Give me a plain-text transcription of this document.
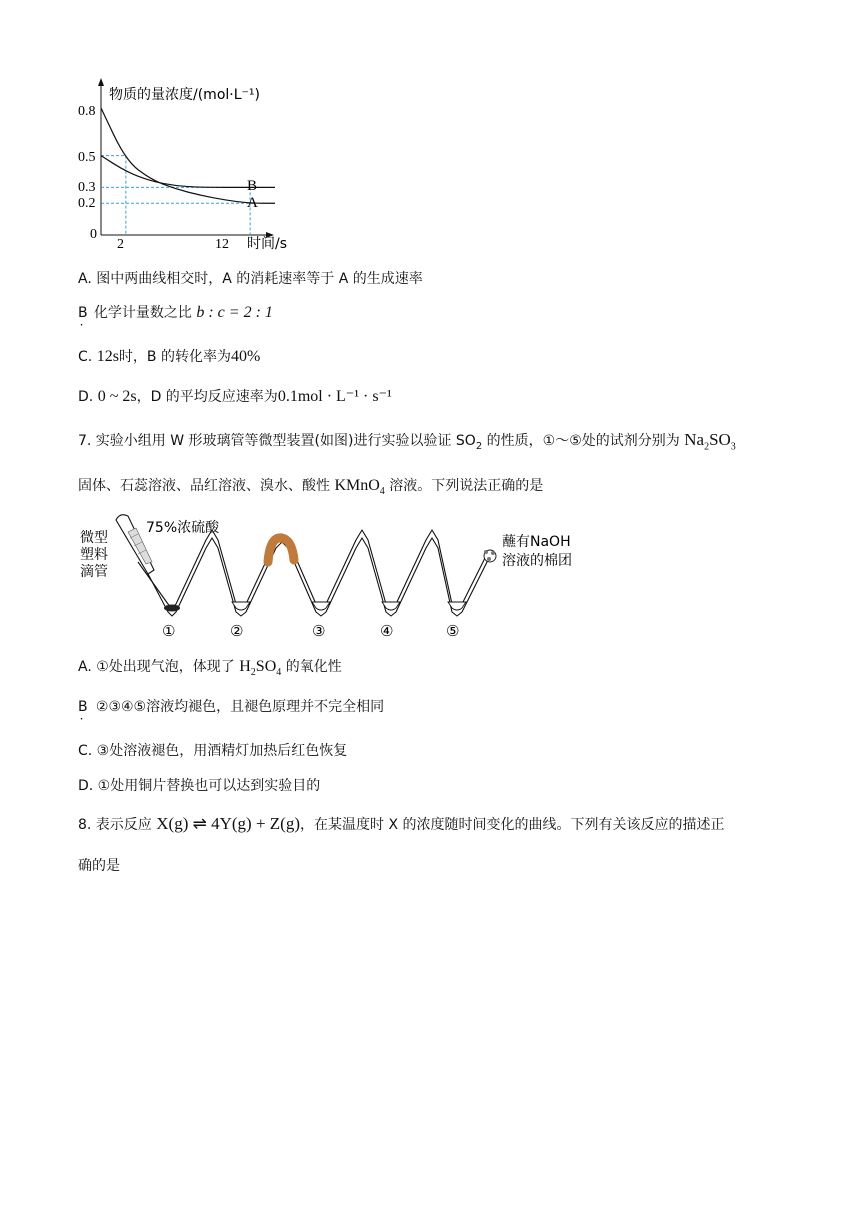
物质的量浓度/(mol·L⁻¹)
时间/s
0.8
0.5
0.3
0.2
0
2	12
B
A
A. 图中两曲线相交时，A 的消耗速率等于 A 的生成速率
B· 化学计量数之比 b : c = 2 : 1
C. 12s时，B 的转化率为40%
D. 0 ~ 2s，D 的平均反应速率为0.1mol · L⁻¹ · s⁻¹
7. 实验小组用 W 形玻璃管等微型装置(如图)进行实验以验证 $SO_2$ 的性质，①～⑤处的试剂分别为 $Na_2SO_3$
固体、石蕊溶液、品红溶液、溴水、酸性 KMnO$_4$ 溶液。下列说法正确的是
微型
塑料
滴管
75%浓硫酸
蘸有NaOH
溶液的棉团
①	②	③	④	⑤
A. ①处出现气泡，体现了 $H_2SO_4$ 的氧化性
B· ②③④⑤溶液均褪色，且褪色原理并不完全相同
C. ③处溶液褪色，用酒精灯加热后红色恢复
D. ①处用铜片替换也可以达到实验目的
8. 表示反应 X(g) ⇌ 4Y(g) + Z(g)，在某温度时 X 的浓度随时间变化的曲线。下列有关该反应的描述正
确的是
